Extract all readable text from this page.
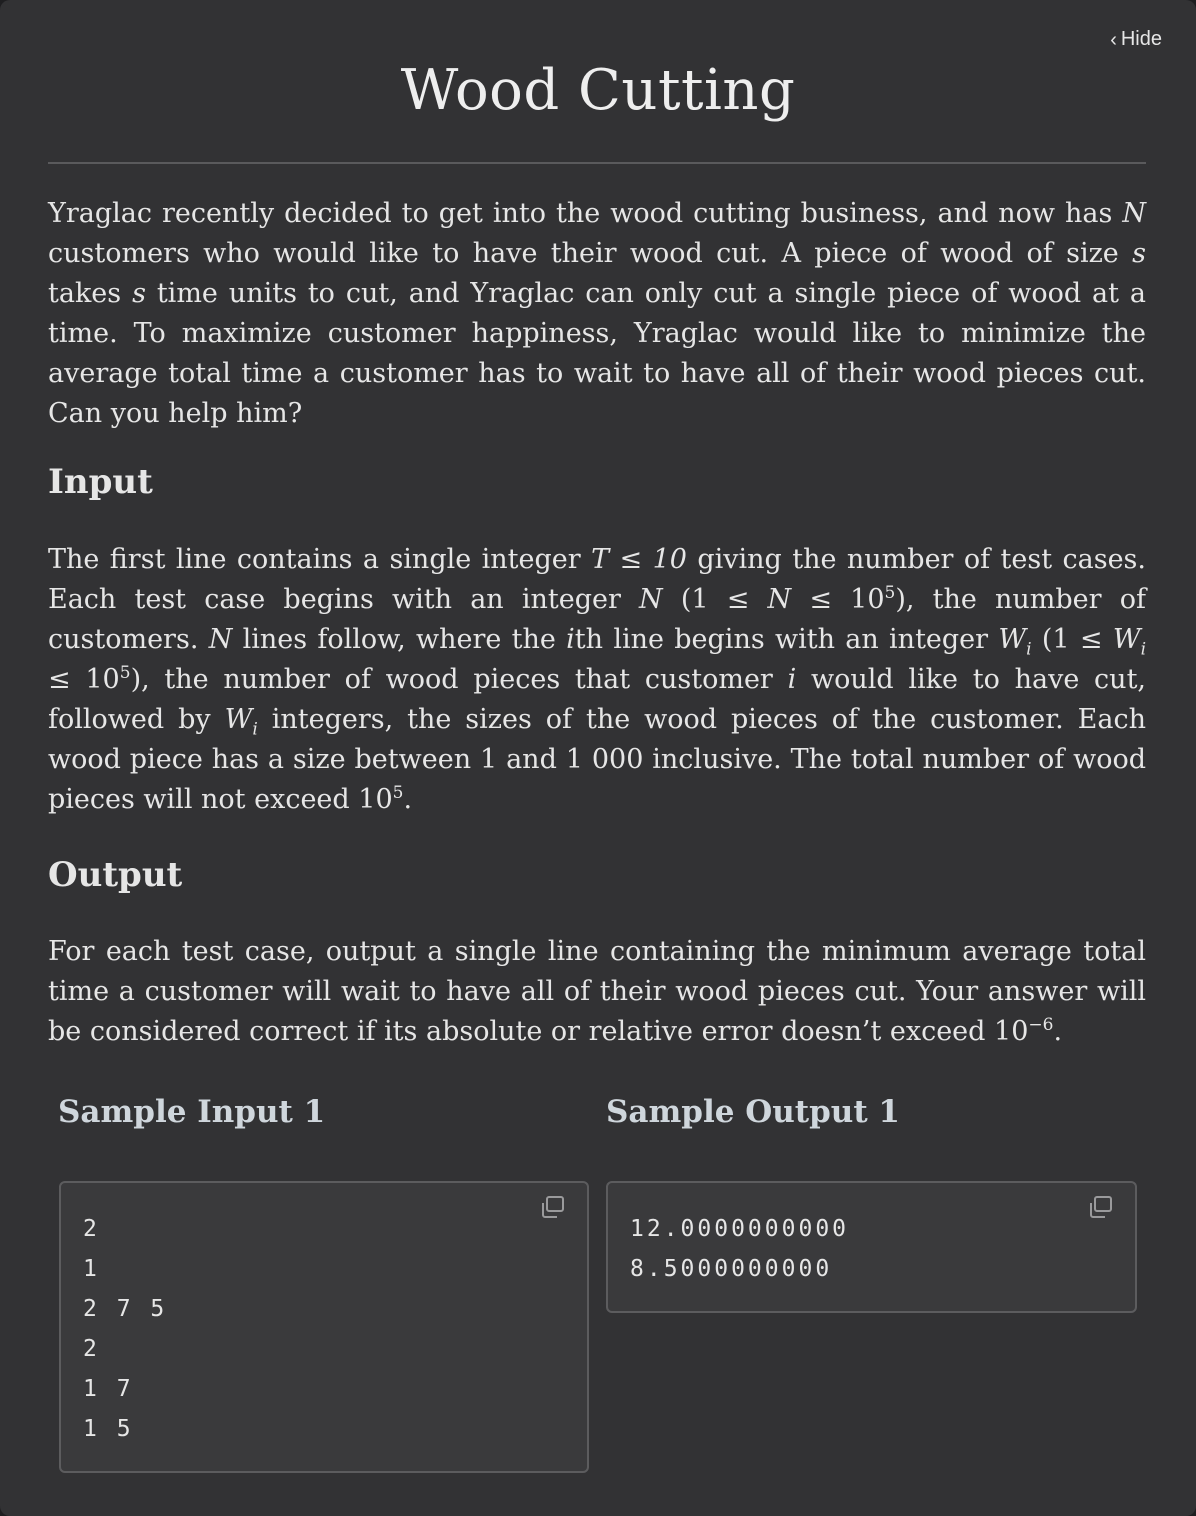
‹ Hide
Wood Cutting

Yraglac recently decided to get into the wood cutting business, and now has N customers who would like to have their wood cut. A piece of wood of size s takes s time units to cut, and Yraglac can only cut a single piece of wood at a time. To maximize customer happiness, Yraglac would like to minimize the average total time a customer has to wait to have all of their wood pieces cut. Can you help him?

Input

The first line contains a single integer T ≤ 10 giving the number of test cases. Each test case begins with an integer N $(1 \le N \le 10^5)$, the number of customers. N lines follow, where the ith line begins with an integer $W_i$ $(1 \le W_i \le 10^5)$, the number of wood pieces that customer i would like to have cut, followed by $W_i$ integers, the sizes of the wood pieces of the customer. Each wood piece has a size between 1 and 1 000 inclusive. The total number of wood pieces will not exceed $10^5$.

Output

For each test case, output a single line containing the minimum average total time a customer will wait to have all of their wood pieces cut. Your answer will be considered correct if its absolute or relative error doesn’t exceed $10^{-6}$.

Sample Input 1	Sample Output 1
2
1
2 7 5
2
1 7
1 5
12.0000000000
8.5000000000
